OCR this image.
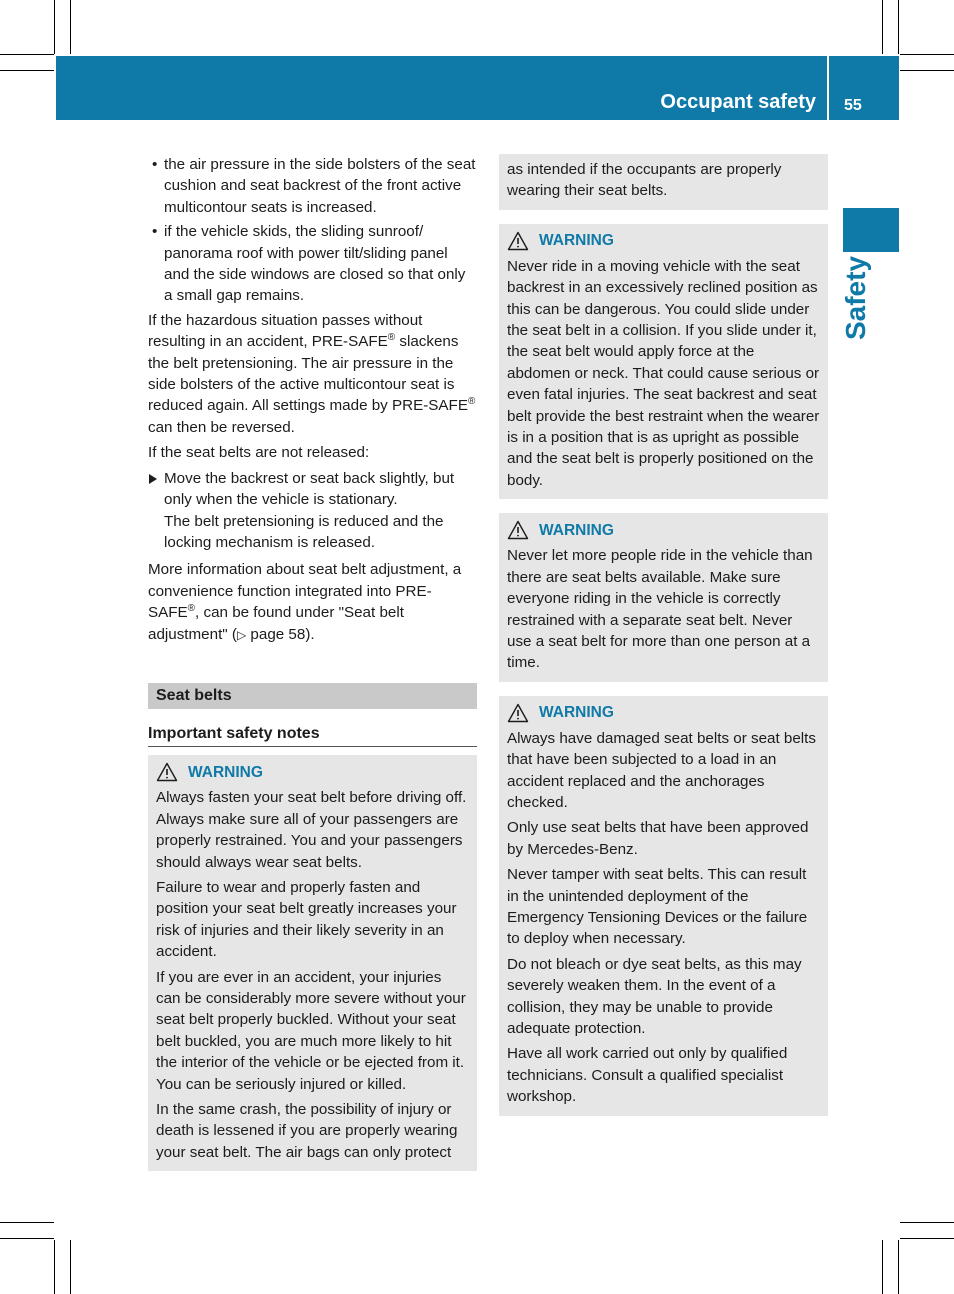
Occupant safety 55
Safety
• the air pressure in the side bolsters of the seat cushion and seat backrest of the front active multicontour seats is increased.
• if the vehicle skids, the sliding sunroof/ panorama roof with power tilt/sliding panel and the side windows are closed so that only a small gap remains.

If the hazardous situation passes without resulting in an accident, PRE-SAFE® slackens the belt pretensioning. The air pressure in the side bolsters of the active multicontour seat is reduced again. All settings made by PRE-SAFE® can then be reversed.

If the seat belts are not released:

Move the backrest or seat back slightly, but only when the vehicle is stationary.
The belt pretensioning is reduced and the locking mechanism is released.

More information about seat belt adjustment, a convenience function integrated into PRE-SAFE®, can be found under "Seat belt adjustment" (▷ page 58).

Seat belts
Important safety notes
WARNING

Always fasten your seat belt before driving off. Always make sure all of your passengers are properly restrained. You and your passengers should always wear seat belts.

Failure to wear and properly fasten and position your seat belt greatly increases your risk of injuries and their likely severity in an accident.

If you are ever in an accident, your injuries can be considerably more severe without your seat belt properly buckled. Without your seat belt buckled, you are much more likely to hit the interior of the vehicle or be ejected from it. You can be seriously injured or killed.

In the same crash, the possibility of injury or death is lessened if you are properly wearing your seat belt. The air bags can only protect

as intended if the occupants are properly wearing their seat belts.

WARNING

Never ride in a moving vehicle with the seat backrest in an excessively reclined position as this can be dangerous. You could slide under the seat belt in a collision. If you slide under it, the seat belt would apply force at the abdomen or neck. That could cause serious or even fatal injuries. The seat backrest and seat belt provide the best restraint when the wearer is in a position that is as upright as possible and the seat belt is properly positioned on the body.

WARNING

Never let more people ride in the vehicle than there are seat belts available. Make sure everyone riding in the vehicle is correctly restrained with a separate seat belt. Never use a seat belt for more than one person at a time.

WARNING

Always have damaged seat belts or seat belts that have been subjected to a load in an accident replaced and the anchorages checked.

Only use seat belts that have been approved by Mercedes-Benz.

Never tamper with seat belts. This can result in the unintended deployment of the Emergency Tensioning Devices or the failure to deploy when necessary.

Do not bleach or dye seat belts, as this may severely weaken them. In the event of a collision, they may be unable to provide adequate protection.

Have all work carried out only by qualified technicians. Consult a qualified specialist workshop.
